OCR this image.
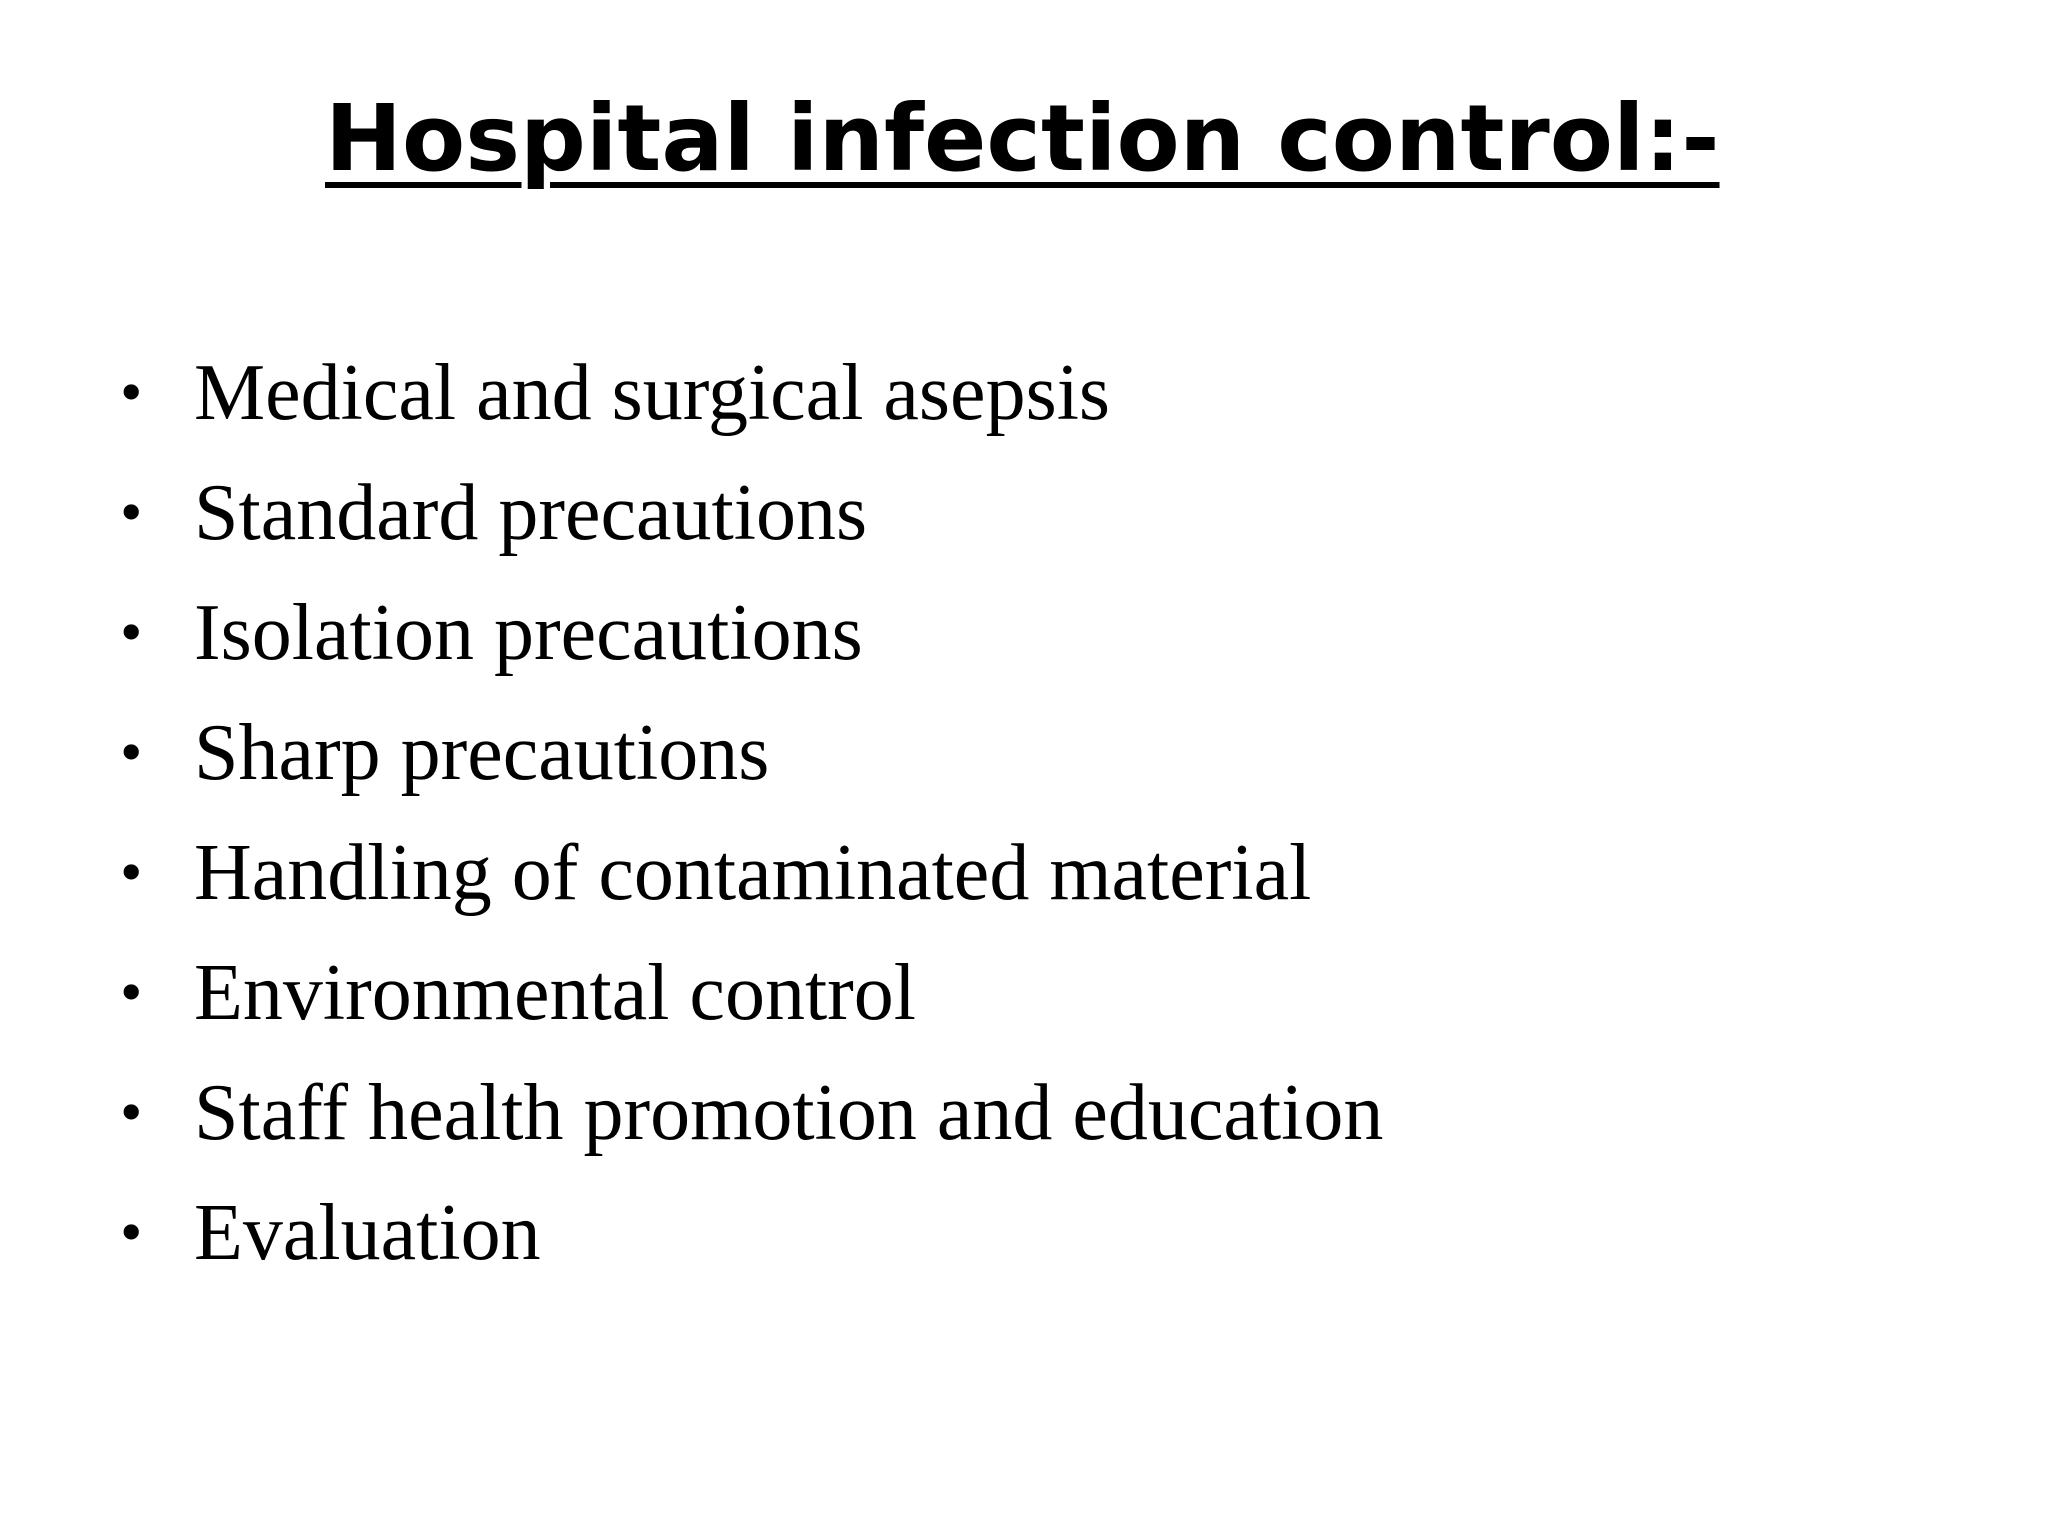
Hospital infection control:-
• Medical and surgical asepsis
• Standard precautions
• Isolation precautions
• Sharp precautions
• Handling of contaminated material
• Environmental control
• Staff health promotion and education
• Evaluation
